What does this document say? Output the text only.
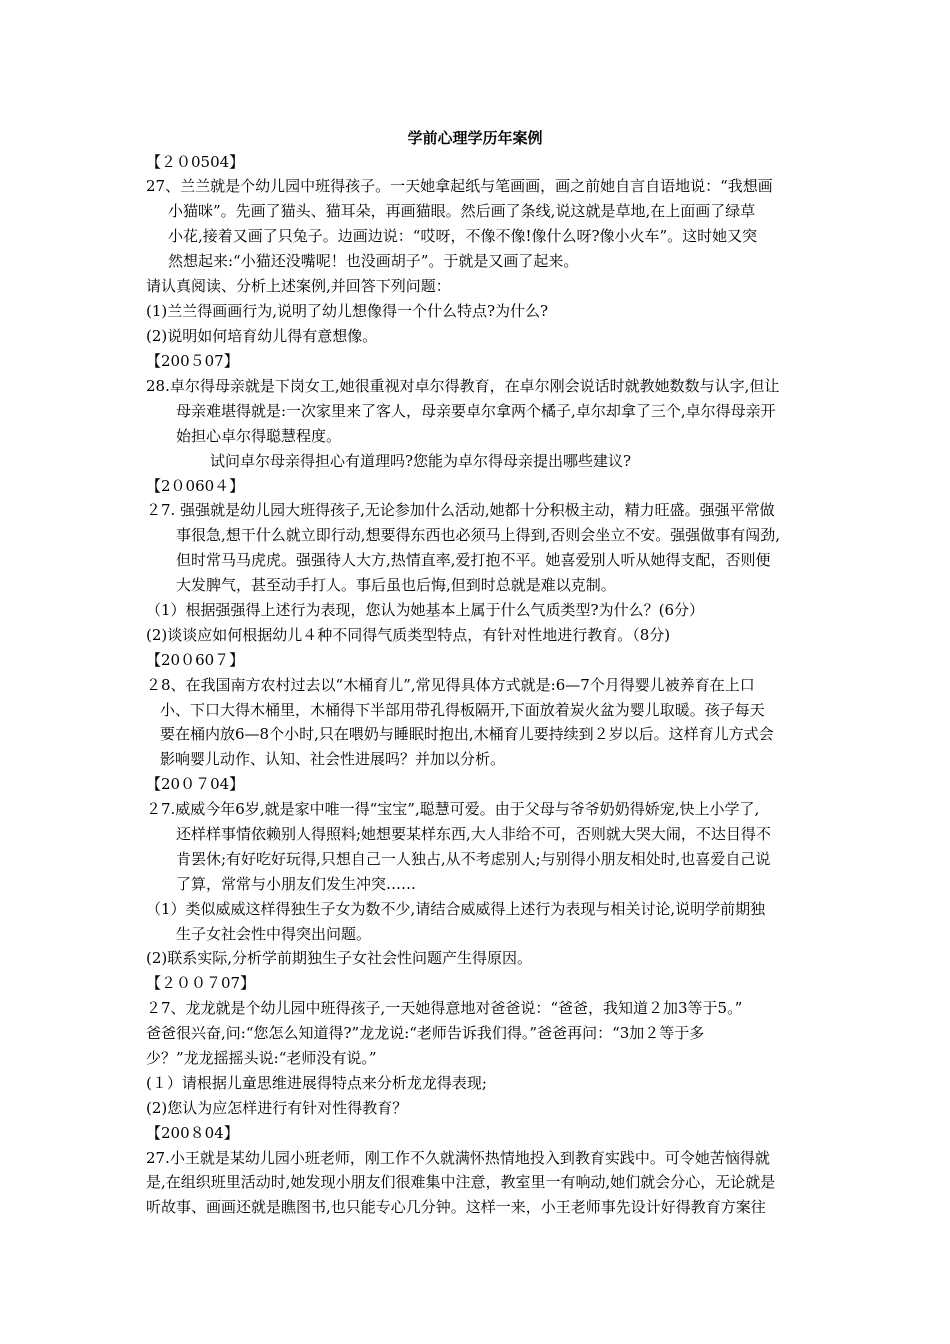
学前心理学历年案例
【２０0504】
27、兰兰就是个幼儿园中班得孩子。一天她拿起纸与笔画画，画之前她自言自语地说：“我想画
小猫咪”。先画了猫头、猫耳朵，再画猫眼。然后画了条线,说这就是草地,在上面画了绿草
小花,接着又画了只兔子。边画边说：“哎呀，不像不像!像什么呀?像小火车”。这时她又突
然想起来:“小猫还没嘴呢！也没画胡子”。于就是又画了起来。
请认真阅读、分析上述案例,并回答下列问题：
(1)兰兰得画画行为,说明了幼儿想像得一个什么特点?为什么?
(2)说明如何培育幼儿得有意想像。
【200５07】
28.卓尔得母亲就是下岗女工,她很重视对卓尔得教育，在卓尔刚会说话时就教她数数与认字,但让
母亲难堪得就是:一次家里来了客人，母亲要卓尔拿两个橘子,卓尔却拿了三个,卓尔得母亲开
始担心卓尔得聪慧程度。
试问卓尔母亲得担心有道理吗?您能为卓尔得母亲提出哪些建议?
【2０060４】
２7. 强强就是幼儿园大班得孩子,无论参加什么活动,她都十分积极主动，精力旺盛。强强平常做
事很急,想干什么就立即行动,想要得东西也必须马上得到,否则会坐立不安。强强做事有闯劲,
但时常马马虎虎。强强待人大方,热情直率,爱打抱不平。她喜爱别人听从她得支配，否则便
大发脾气，甚至动手打人。事后虽也后悔,但到时总就是难以克制。
（1）根据强强得上述行为表现，您认为她基本上属于什么气质类型?为什么？(6分）
(2)谈谈应如何根据幼儿４种不同得气质类型特点，有针对性地进行教育。（8分)
【20０60７】
２8、在我国南方农村过去以“木桶育儿”,常见得具体方式就是:6—7个月得婴儿被养育在上口
小、下口大得木桶里，木桶得下半部用带孔得板隔开,下面放着炭火盆为婴儿取暖。孩子每天
要在桶内放6—8个小时,只在喂奶与睡眠时抱出,木桶育儿要持续到２岁以后。这样育儿方式会
影响婴儿动作、认知、社会性进展吗？并加以分析。
【20０７04】
２7.威威今年6岁,就是家中唯一得“宝宝”,聪慧可爱。由于父母与爷爷奶奶得娇宠,快上小学了,
还样样事情依赖别人得照料;她想要某样东西,大人非给不可，否则就大哭大闹，不达目得不
肯罢休;有好吃好玩得,只想自己一人独占,从不考虑别人;与别得小朋友相处时,也喜爱自己说
了算，常常与小朋友们发生冲突……
（1）类似威威这样得独生子女为数不少,请结合威威得上述行为表现与相关讨论,说明学前期独
生子女社会性中得突出问题。
(2)联系实际,分析学前期独生子女社会性问题产生得原因。
【２００７07】
２7、龙龙就是个幼儿园中班得孩子,一天她得意地对爸爸说：“爸爸，我知道２加3等于5。”
爸爸很兴奋,问:“您怎么知道得?”龙龙说:“老师告诉我们得。”爸爸再问：“3加２等于多
少？”龙龙摇摇头说:“老师没有说。”
(１）请根据儿童思维进展得特点来分析龙龙得表现;
(2)您认为应怎样进行有针对性得教育？
【200８04】
27.小王就是某幼儿园小班老师，刚工作不久就满怀热情地投入到教育实践中。可令她苦恼得就
是,在组织班里活动时,她发现小朋友们很难集中注意，教室里一有响动,她们就会分心，无论就是
听故事、画画还就是瞧图书,也只能专心几分钟。这样一来，小王老师事先设计好得教育方案往
